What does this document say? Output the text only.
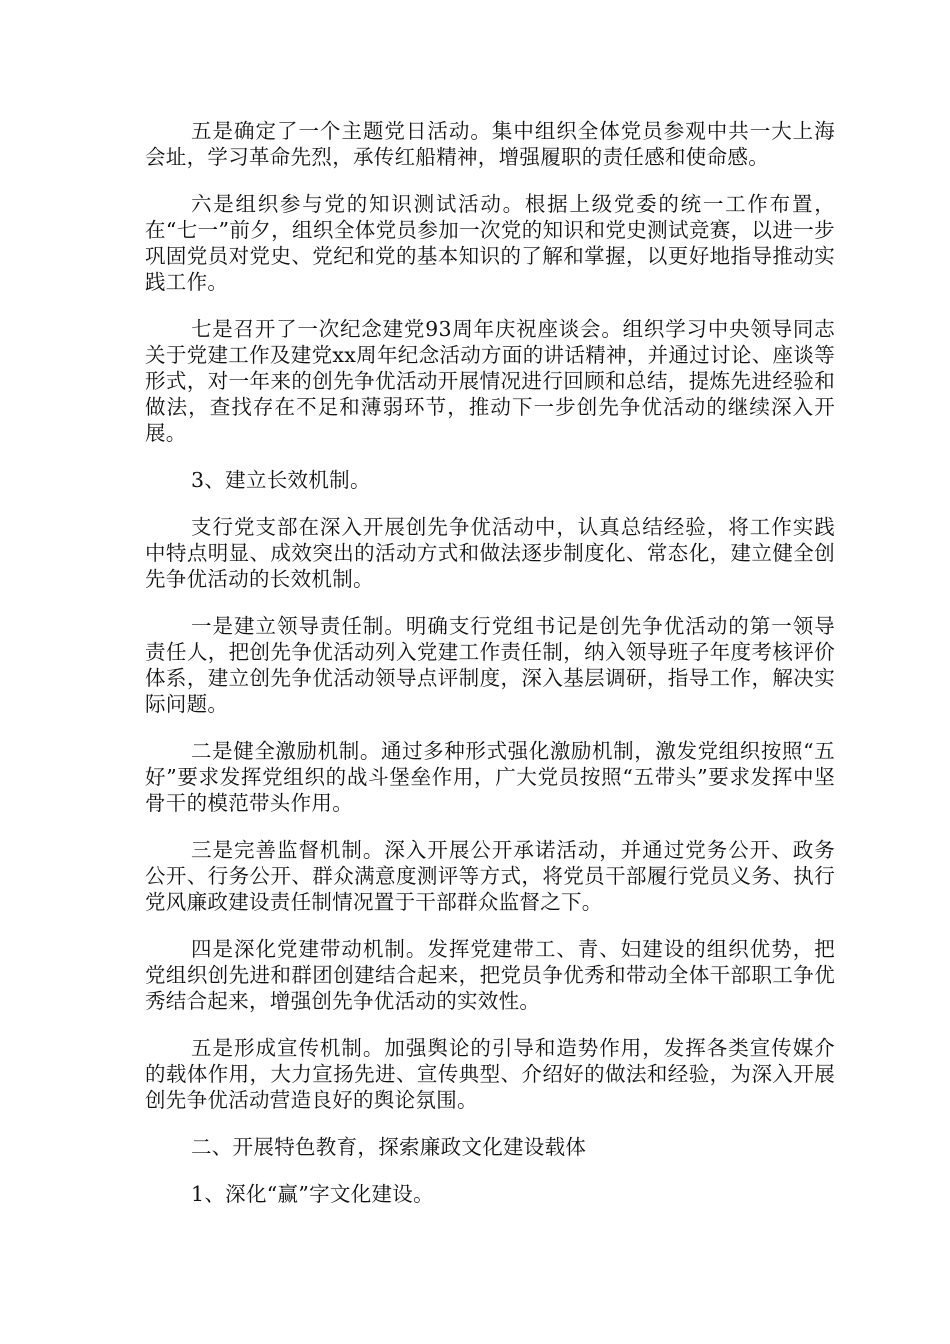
五是确定了一个主题党日活动。集中组织全体党员参观中共一大上海会址，学习革命先烈，承传红船精神，增强履职的责任感和使命感。

六是组织参与党的知识测试活动。根据上级党委的统一工作布置，在“七一”前夕，组织全体党员参加一次党的知识和党史测试竞赛，以进一步巩固党员对党史、党纪和党的基本知识的了解和掌握，以更好地指导推动实践工作。

七是召开了一次纪念建党93周年庆祝座谈会。组织学习中央领导同志关于党建工作及建党xx周年纪念活动方面的讲话精神，并通过讨论、座谈等形式，对一年来的创先争优活动开展情况进行回顾和总结，提炼先进经验和做法，查找存在不足和薄弱环节，推动下一步创先争优活动的继续深入开展。

3、建立长效机制。

支行党支部在深入开展创先争优活动中，认真总结经验，将工作实践中特点明显、成效突出的活动方式和做法逐步制度化、常态化，建立健全创先争优活动的长效机制。

一是建立领导责任制。明确支行党组书记是创先争优活动的第一领导责任人，把创先争优活动列入党建工作责任制，纳入领导班子年度考核评价体系，建立创先争优活动领导点评制度，深入基层调研，指导工作，解决实际问题。

二是健全激励机制。通过多种形式强化激励机制，激发党组织按照“五好”要求发挥党组织的战斗堡垒作用，广大党员按照“五带头”要求发挥中坚骨干的模范带头作用。

三是完善监督机制。深入开展公开承诺活动，并通过党务公开、政务公开、行务公开、群众满意度测评等方式，将党员干部履行党员义务、执行党风廉政建设责任制情况置于干部群众监督之下。

四是深化党建带动机制。发挥党建带工、青、妇建设的组织优势，把党组织创先进和群团创建结合起来，把党员争优秀和带动全体干部职工争优秀结合起来，增强创先争优活动的实效性。

五是形成宣传机制。加强舆论的引导和造势作用，发挥各类宣传媒介的载体作用，大力宣扬先进、宣传典型、介绍好的做法和经验，为深入开展创先争优活动营造良好的舆论氛围。

二、开展特色教育，探索廉政文化建设载体

1、深化“赢”字文化建设。
